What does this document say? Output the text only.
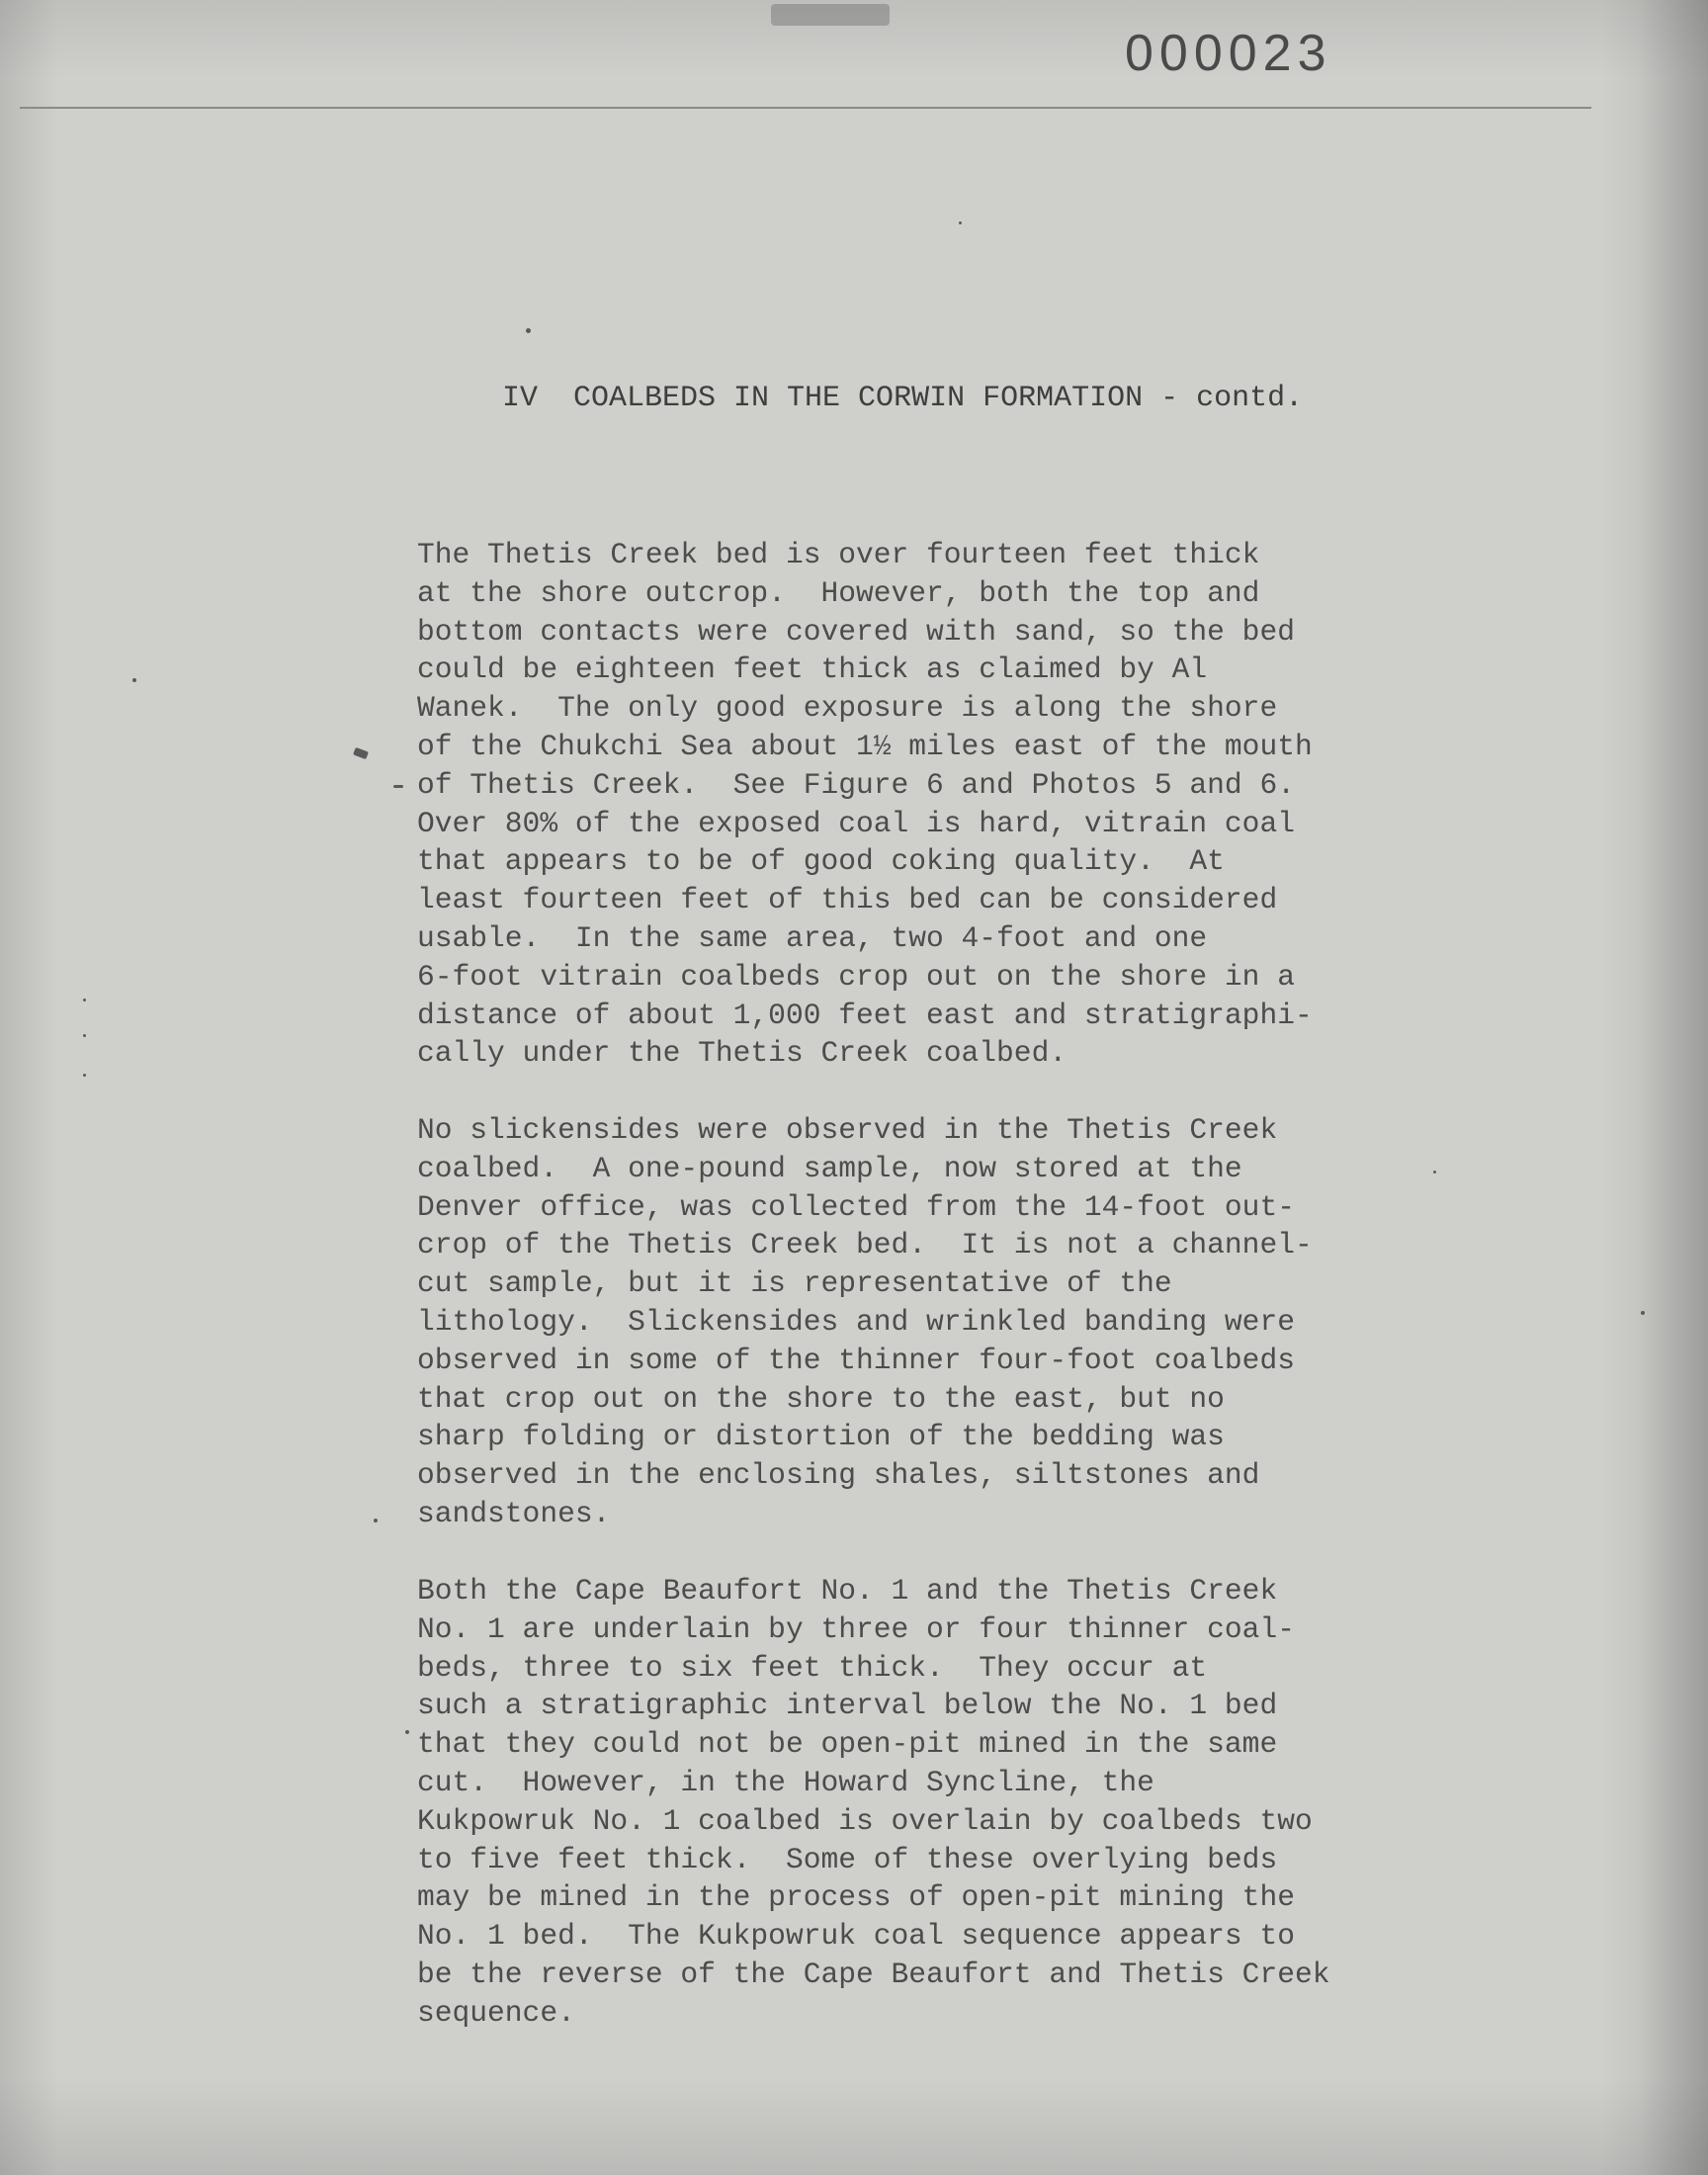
000023
IV  COALBEDS IN THE CORWIN FORMATION - contd.
The Thetis Creek bed is over fourteen feet thick
at the shore outcrop.  However, both the top and
bottom contacts were covered with sand, so the bed
could be eighteen feet thick as claimed by Al
Wanek.  The only good exposure is along the shore
of the Chukchi Sea about 1½ miles east of the mouth
of Thetis Creek.  See Figure 6 and Photos 5 and 6.
Over 80% of the exposed coal is hard, vitrain coal
that appears to be of good coking quality.  At
least fourteen feet of this bed can be considered
usable.  In the same area, two 4-foot and one
6-foot vitrain coalbeds crop out on the shore in a
distance of about 1,000 feet east and stratigraphi-
cally under the Thetis Creek coalbed.
No slickensides were observed in the Thetis Creek
coalbed.  A one-pound sample, now stored at the
Denver office, was collected from the 14-foot out-
crop of the Thetis Creek bed.  It is not a channel-
cut sample, but it is representative of the
lithology.  Slickensides and wrinkled banding were
observed in some of the thinner four-foot coalbeds
that crop out on the shore to the east, but no
sharp folding or distortion of the bedding was
observed in the enclosing shales, siltstones and
sandstones.
Both the Cape Beaufort No. 1 and the Thetis Creek
No. 1 are underlain by three or four thinner coal-
beds, three to six feet thick.  They occur at
such a stratigraphic interval below the No. 1 bed
that they could not be open-pit mined in the same
cut.  However, in the Howard Syncline, the
Kukpowruk No. 1 coalbed is overlain by coalbeds two
to five feet thick.  Some of these overlying beds
may be mined in the process of open-pit mining the
No. 1 bed.  The Kukpowruk coal sequence appears to
be the reverse of the Cape Beaufort and Thetis Creek
sequence.
